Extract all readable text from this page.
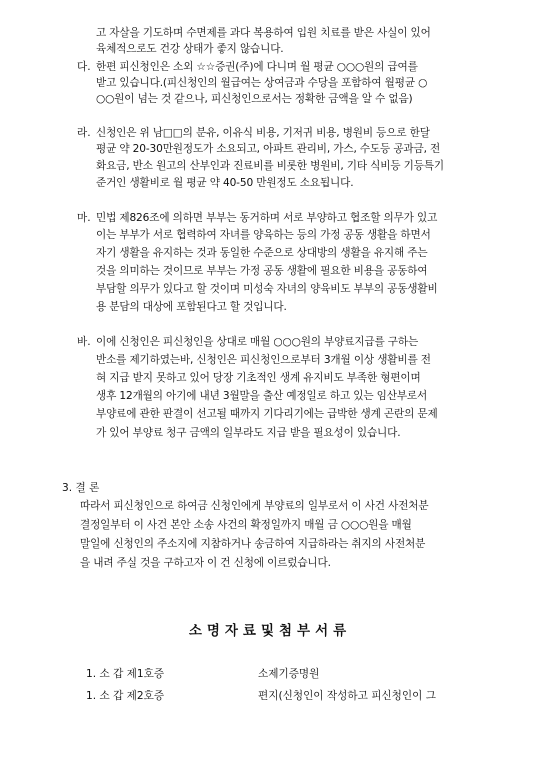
고 자살을 기도하며 수면제를 과다 복용하여 입원 치료를 받은 사실이 있어
육체적으로도 건강 상태가 좋지 않습니다.
다. 한편 피신청인은 소외 ☆☆증권(주)에 다니며 월 평균 ○○○원의 급여를
받고 있습니다.(피신청인의 월급여는 상여금과 수당을 포함하여 월평균 ○
○○원이 넘는 것 같으나, 피신청인으로서는 정확한 금액을 알 수 없음)
라. 신청인은 위 남□□의 분유, 이유식 비용, 기저귀 비용, 병원비 등으로 한달
평균 약 20-30만원정도가 소요되고, 아파트 관리비, 가스, 수도등 공과금, 전
화요금, 반소 원고의 산부인과 진료비를 비롯한 병원비, 기타 식비등 기등특기
준거인 생활비로 월 평균 약 40-50 만원정도 소요됩니다.
마. 민법 제826조에 의하면 부부는 동거하며 서로 부양하고 협조할 의무가 있고
이는 부부가 서로 협력하여 자녀를 양육하는 등의 가정 공동 생활을 하면서
자기 생활을 유지하는 것과 동일한 수준으로 상대방의 생활을 유지해 주는
것을 의미하는 것이므로 부부는 가정 공동 생활에 필요한 비용을 공동하여
부담할 의무가 있다고 할 것이며 미성숙 자녀의 양육비도 부부의 공동생활비
용 분담의 대상에 포함된다고 할 것입니다.
바. 이에 신청인은 피신청인을 상대로 매월 ○○○원의 부양료지급를 구하는
반소를 제기하였는바, 신청인은 피신청인으로부터 3개월 이상 생활비를 전
혀 지급 받지 못하고 있어 당장 기초적인 생계 유지비도 부족한 형편이며
생후 12개월의 아기에 내년 3월말을 출산 예정일로 하고 있는 임산부로서
부양료에 관한 판결이 선고될 때까지 기다리기에는 급박한 생계 곤란의 문제
가 있어 부양료 청구 금액의 일부라도 지급 받을 필요성이 있습니다.
3. 결 론
따라서 피신청인으로 하여금 신청인에게 부양료의 일부로서 이 사건 사전처분
결정일부터 이 사건 본안 소송 사건의 확정일까지 매월 금 ○○○원을 매월
말일에 신청인의 주소지에 지참하거나 송금하여 지급하라는 취지의 사전처분
을 내려 주실 것을 구하고자 이 건 신청에 이르렀습니다.
소명자료및첨부서류
1. 소 갑 제1호증	소제기증명원
1. 소 갑 제2호증	편지(신청인이 작성하고 피신청인이 그
